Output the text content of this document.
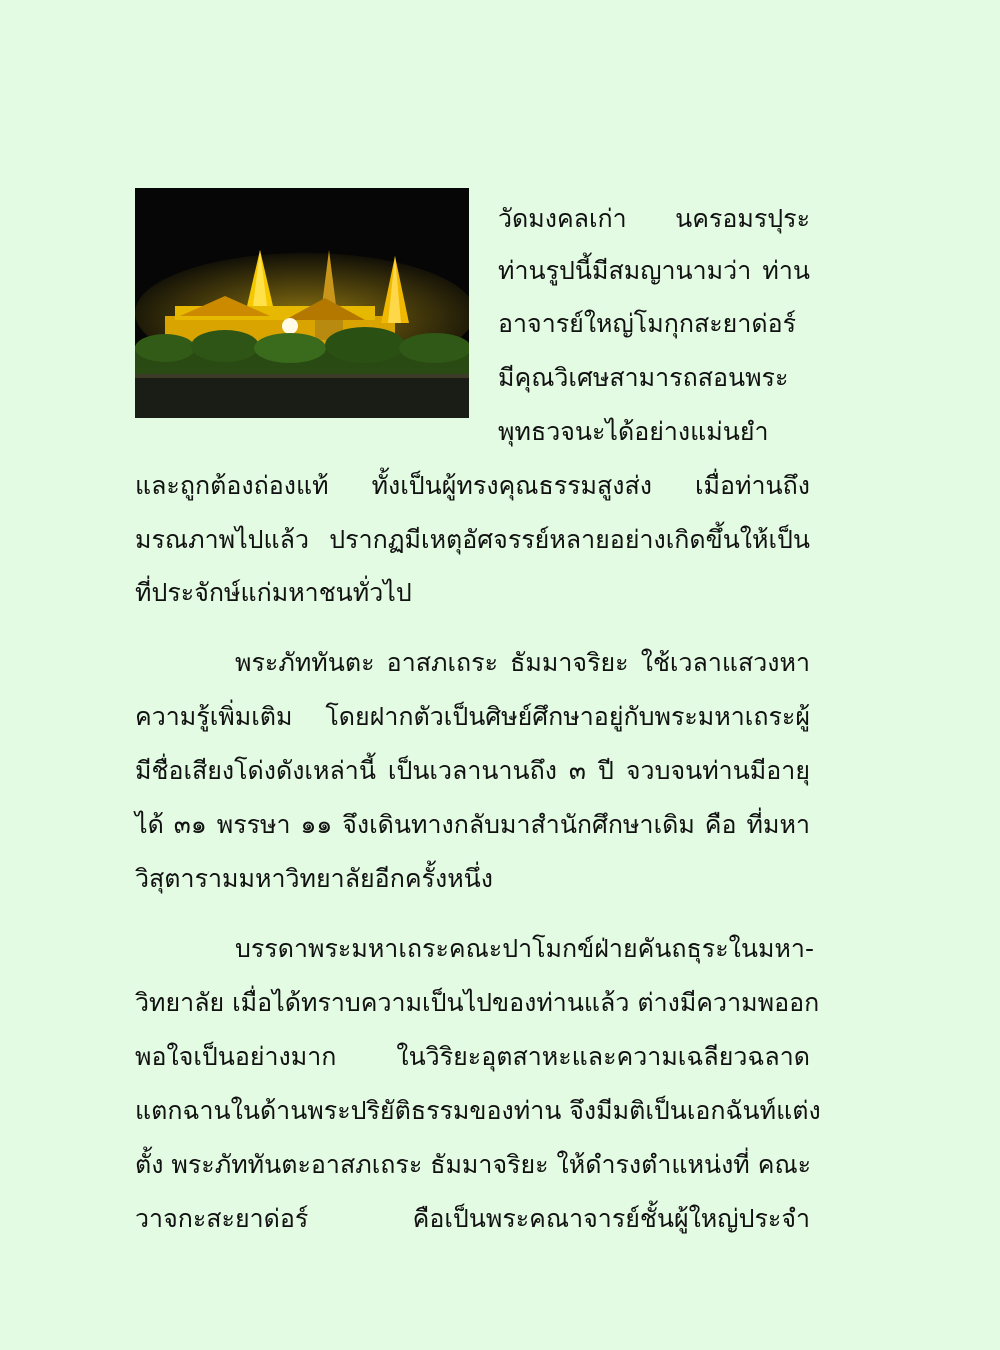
วัดมงคลเก่า นครอมรปุระ
ท่านรูปนี้มีสมญานามว่า ท่าน
อาจารย์ใหญ่โมกุกสะยาด่อร์
มีคุณวิเศษสามารถสอนพระ
พุทธวจนะได้อย่างแม่นยำ
และถูกต้องถ่องแท้ ทั้งเป็นผู้ทรงคุณธรรมสูงส่ง เมื่อท่านถึง
มรณภาพไปแล้ว ปรากฏมีเหตุอัศจรรย์หลายอย่างเกิดขึ้นให้เป็น
ที่ประจักษ์แก่มหาชนทั่วไป
พระภัททันตะ อาสภเถระ ธัมมาจริยะ ใช้เวลาแสวงหา
ความรู้เพิ่มเติม โดยฝากตัวเป็นศิษย์ศึกษาอยู่กับพระมหาเถระผู้
มีชื่อเสียงโด่งดังเหล่านี้ เป็นเวลานานถึง ๓ ปี จวบจนท่านมีอายุ
ได้ ๓๑ พรรษา ๑๑ จึงเดินทางกลับมาสำนักศึกษาเดิม คือ ที่มหา
วิสุตารามมหาวิทยาลัยอีกครั้งหนึ่ง
บรรดาพระมหาเถระคณะปาโมกข์ฝ่ายคันถธุระในมหา-
วิทยาลัย เมื่อได้ทราบความเป็นไปของท่านแล้ว ต่างมีความพออก
พอใจเป็นอย่างมาก ในวิริยะอุตสาหะและความเฉลียวฉลาด
แตกฉานในด้านพระปริยัติธรรมของท่าน จึงมีมติเป็นเอกฉันท์แต่ง
ตั้ง พระภัททันตะอาสภเถระ ธัมมาจริยะ ให้ดำรงตำแหน่งที่ คณะ
วาจกะสะยาด่อร์ คือเป็นพระคณาจารย์ชั้นผู้ใหญ่ประจำ
